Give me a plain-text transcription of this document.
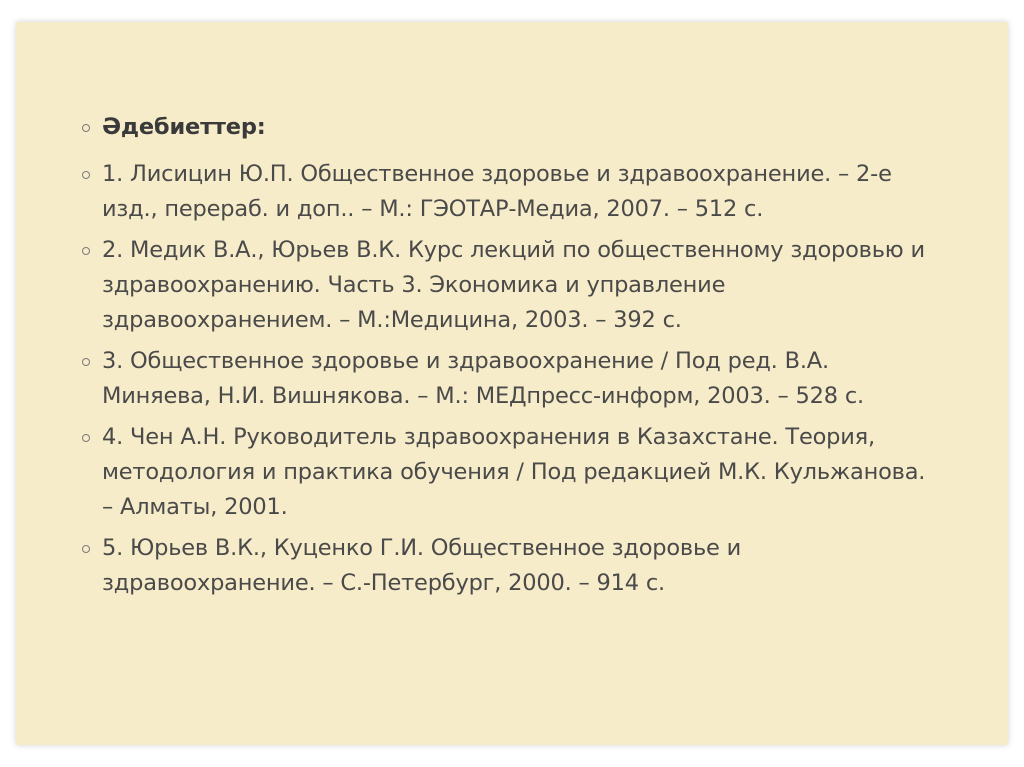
Әдебиеттер:
1. Лисицин Ю.П. Общественное здоровье и здравоохранение. – 2-е изд., перераб. и доп.. – М.: ГЭОТАР-Медиа, 2007. – 512 с.
2. Медик В.А., Юрьев В.К. Курс лекций по общественному здоровью и здравоохранению. Часть 3. Экономика и управление здравоохранением. – М.:Медицина, 2003. – 392 с.
3. Общественное здоровье и здравоохранение / Под ред. В.А. Миняева, Н.И. Вишнякова. – М.: МЕДпресс-информ, 2003. – 528 с.
4. Чен А.Н. Руководитель здравоохранения в Казахстане. Теория, методология и практика обучения / Под редакцией М.К. Кульжанова. – Алматы, 2001.
5. Юрьев В.К., Куценко Г.И. Общественное здоровье и здравоохранение. – С.-Петербург, 2000. – 914 с.
